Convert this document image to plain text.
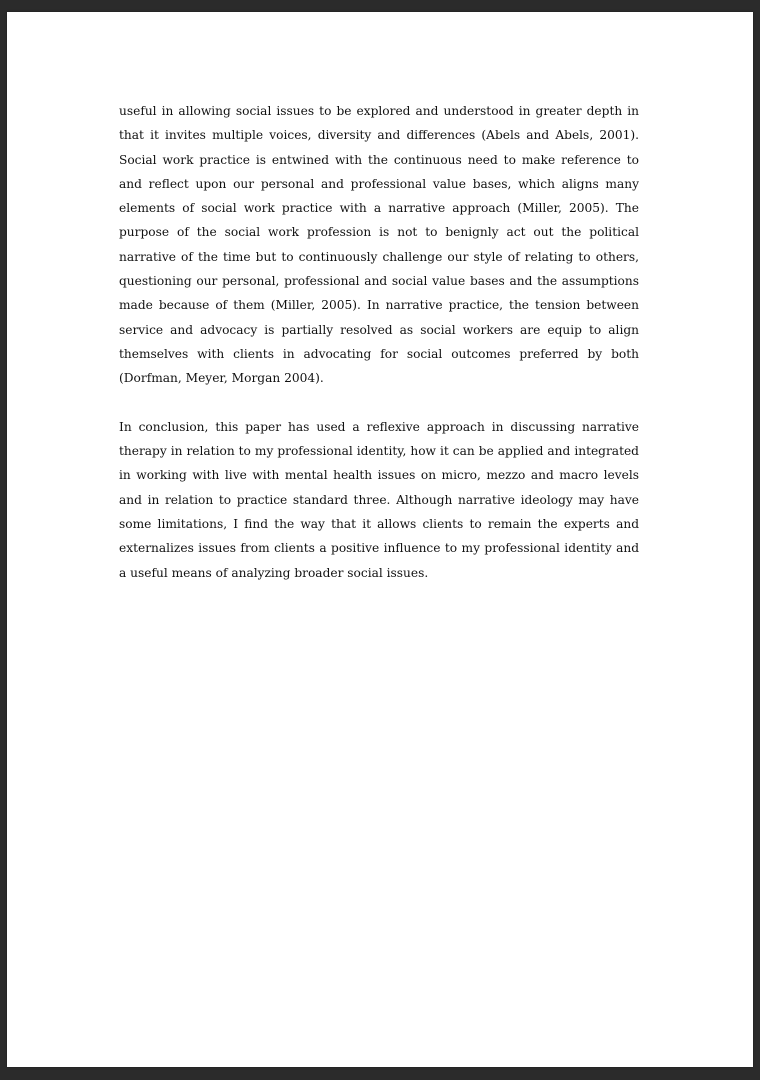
useful in allowing social issues to be explored and understood in greater depth in that it invites multiple voices, diversity and differences (Abels and Abels, 2001). Social work practice is entwined with the continuous need to make reference to and reflect upon our personal and professional value bases, which aligns many elements of social work practice with a narrative approach (Miller, 2005). The purpose of the social work profession is not to benignly act out the political narrative of the time but to continuously challenge our style of relating to others, questioning our personal, professional and social value bases and the assumptions made because of them (Miller, 2005). In narrative practice, the tension between service and advocacy is partially resolved as social workers are equip to align themselves with clients in advocating for social outcomes preferred by both (Dorfman, Meyer, Morgan 2004).

In conclusion, this paper has used a reflexive approach in discussing narrative therapy in relation to my professional identity, how it can be applied and integrated in working with live with mental health issues on micro, mezzo and macro levels and in relation to practice standard three. Although narrative ideology may have some limitations, I find the way that it allows clients to remain the experts and externalizes issues from clients a positive influence to my professional identity and a useful means of analyzing broader social issues.
